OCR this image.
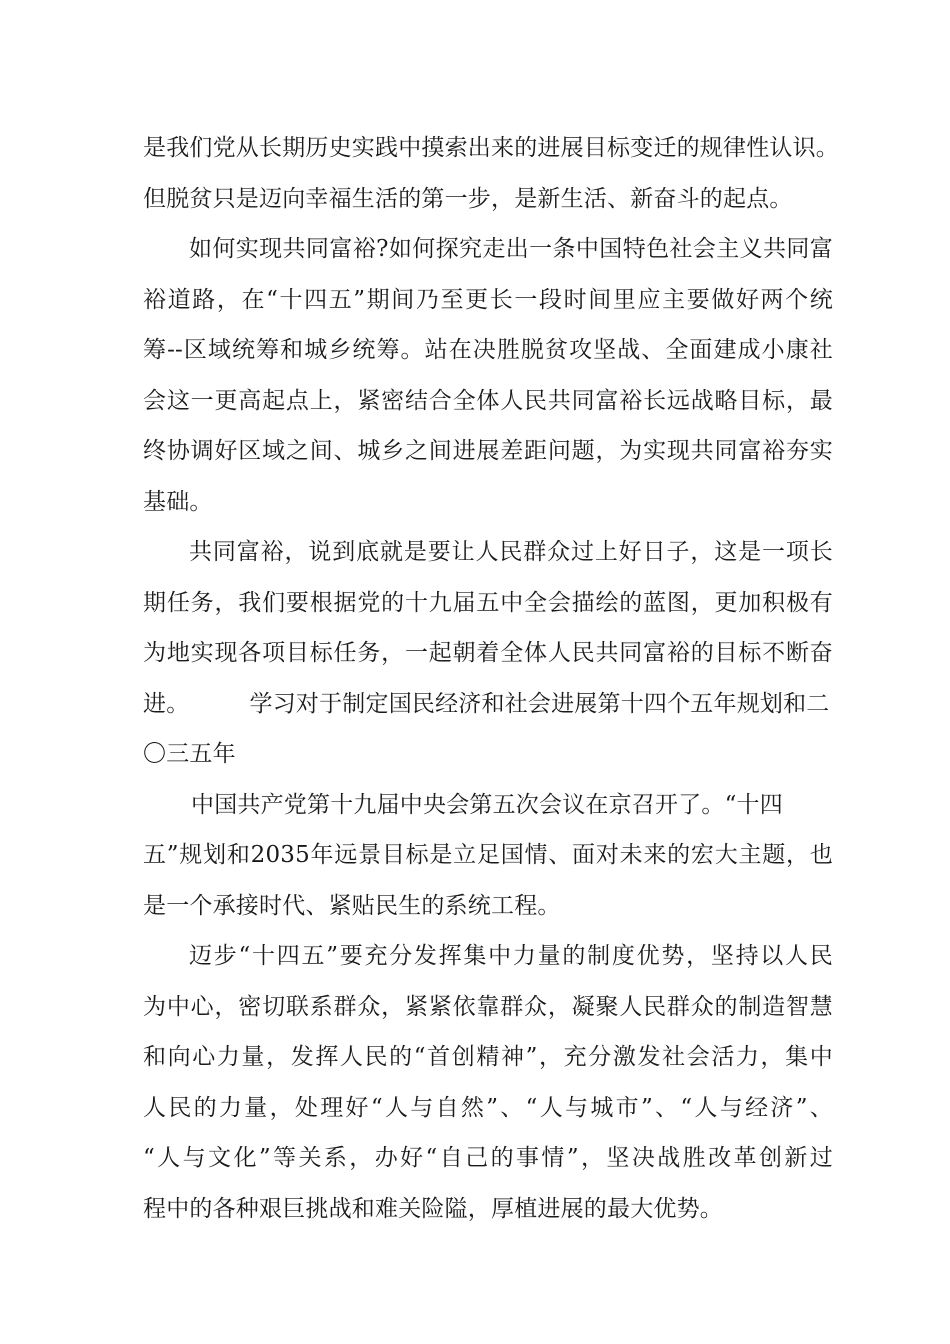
是我们党从长期历史实践中摸索出来的进展目标变迁的规律性认识。
但脱贫只是迈向幸福生活的第一步，是新生活、新奋斗的起点。
如何实现共同富裕?如何探究走出一条中国特色社会主义共同富
裕道路，在“十四五”期间乃至更长一段时间里应主要做好两个统
筹--区域统筹和城乡统筹。站在决胜脱贫攻坚战、全面建成小康社
会这一更高起点上，紧密结合全体人民共同富裕长远战略目标，最
终协调好区域之间、城乡之间进展差距问题，为实现共同富裕夯实
基础。
共同富裕，说到底就是要让人民群众过上好日子，这是一项长
期任务，我们要根据党的十九届五中全会描绘的蓝图，更加积极有
为地实现各项目标任务，一起朝着全体人民共同富裕的目标不断奋
进。        学习对于制定国民经济和社会进展第十四个五年规划和二
〇三五年
中国共产党第十九届中央会第五次会议在京召开了。“十四
五”规划和2035年远景目标是立足国情、面对未来的宏大主题，也
是一个承接时代、紧贴民生的系统工程。
迈步“十四五”要充分发挥集中力量的制度优势，坚持以人民
为中心，密切联系群众，紧紧依靠群众，凝聚人民群众的制造智慧
和向心力量，发挥人民的“首创精神”，充分激发社会活力，集中
人民的力量，处理好“人与自然”、“人与城市”、“人与经济”、
“人与文化”等关系，办好“自己的事情”，坚决战胜改革创新过
程中的各种艰巨挑战和难关险隘，厚植进展的最大优势。
